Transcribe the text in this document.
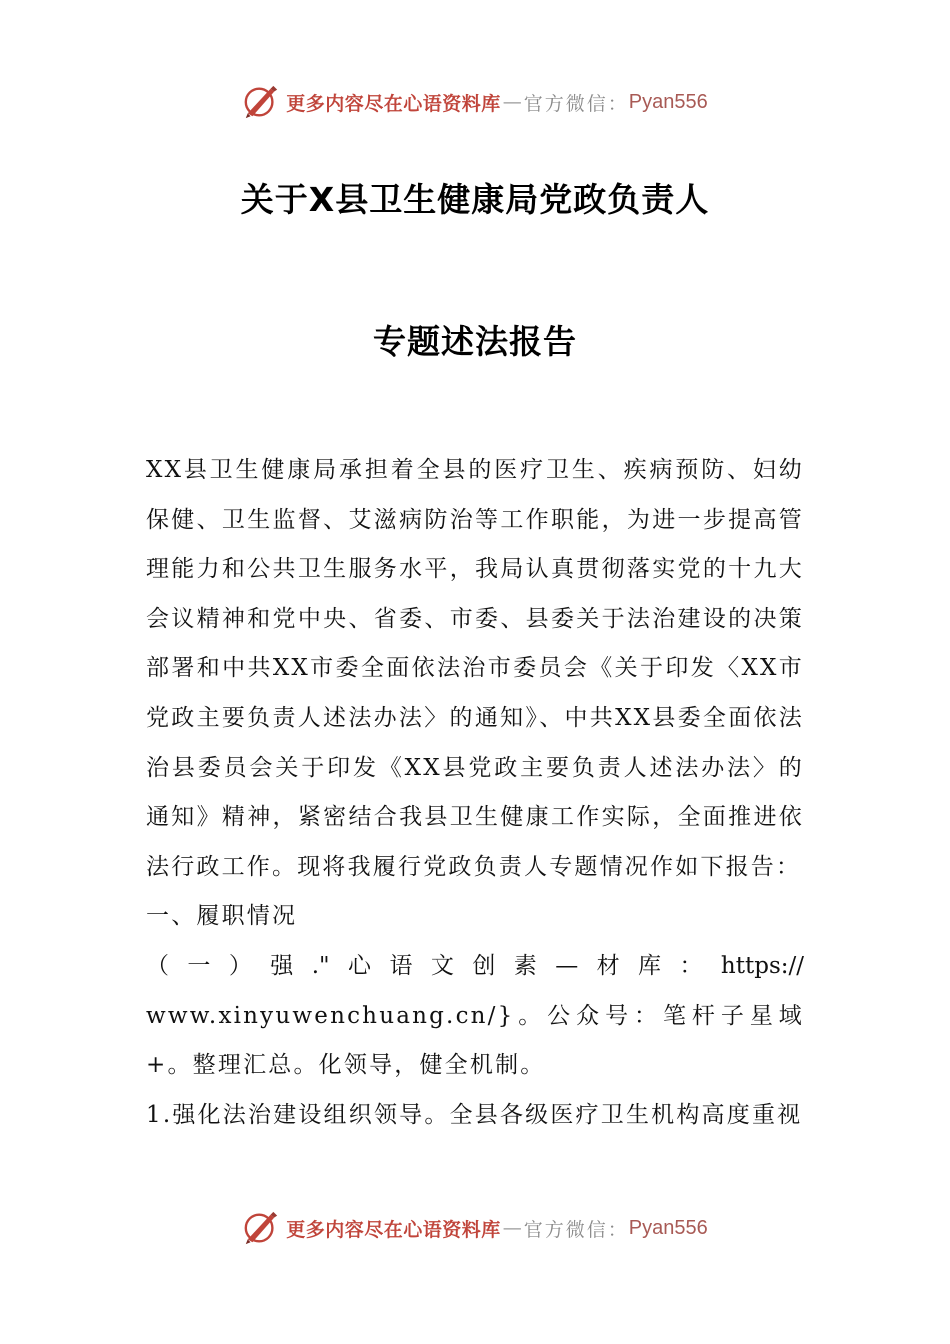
更多内容尽在心语资料库 — 官方微信： Pyan556
关于X县卫生健康局党政负责人
专题述法报告

XX县卫生健康局承担着全县的医疗卫生、疾病预防、妇幼保健、卫生监督、艾滋病防治等工作职能，为进一步提高管理能力和公共卫生服务水平，我局认真贯彻落实党的十九大会议精神和党中央、省委、市委、县委关于法治建设的决策部署和中共XX市委全面依法治市委员会《关于印发〈XX市党政主要负责人述法办法〉的通知》、中共XX县委全面依法治县委员会关于印发《XX县党政主要负责人述法办法〉的通知》精神，紧密结合我县卫生健康工作实际，全面推进依法行政工作。现将我履行党政负责人专题情况作如下报告：

一、履职情况

（一）强."心语文创素—材库：https://

www.xinyuwenchuang.cn/}。公众号：笔杆子星域+。整理汇总。化领导，健全机制。

1.强化法治建设组织领导。全县各级医疗卫生机构高度重视

更多内容尽在心语资料库 — 官方微信： Pyan556
